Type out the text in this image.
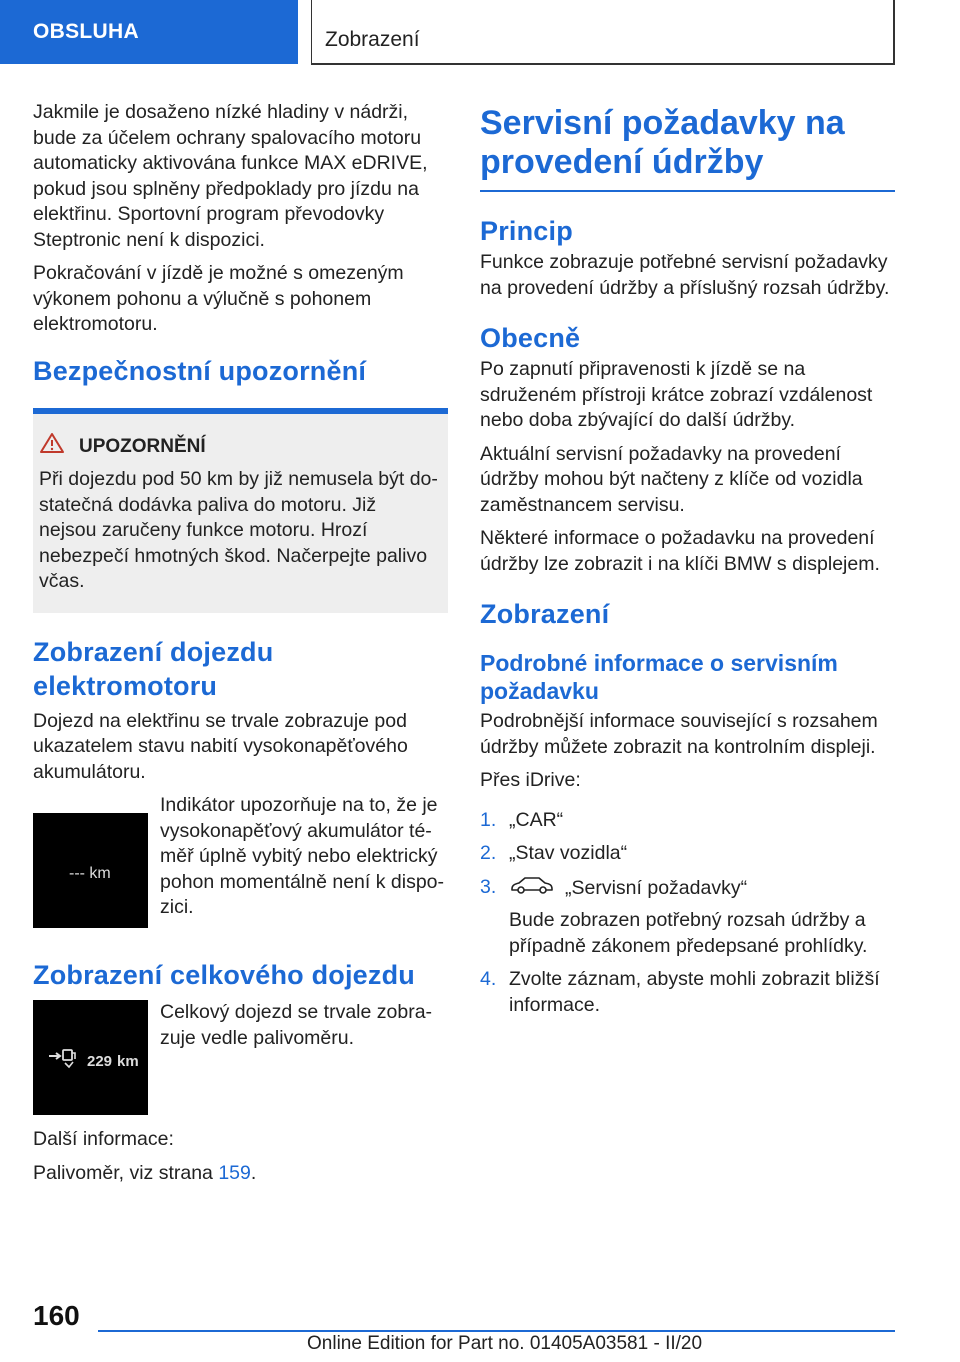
OBSLUHA	Zobrazení

Jakmile je dosaženo nízké hladiny v nádrži, bude za účelem ochrany spalovacího motoru automaticky aktivována funkce MAX eDRIVE, pokud jsou splněny předpoklady pro jízdu na elektřinu. Sportovní program převodovky Steptronic není k dispozici.

Pokračování v jízdě je možné s omezeným výkonem pohonu a výlučně s pohonem elektromotoru.

Bezpečnostní upozornění
UPOZORNĚNÍ

Při dojezdu pod 50 km by již nemusela být dostatečná dodávka paliva do motoru. Již nejsou zaručeny funkce motoru. Hrozí nebezpečí hmotných škod. Načerpejte palivo včas.

Zobrazení dojezdu elektromotoru

Dojezd na elektřinu se trvale zobrazuje pod ukazatelem stavu nabití vysokonapěťového akumulátoru.

--- km
Indikátor upozorňuje na to, že je vysokonapěťový akumulátor téměř úplně vybitý nebo elektrický pohon momentálně není k dispozici.
Zobrazení celkového dojezdu
229 km
Celkový dojezd se trvale zobrazuje vedle palivoměru.

Další informace:

Palivoměr, viz strana 159.

Servisní požadavky na provedení údržby
Princip

Funkce zobrazuje potřebné servisní požadavky na provedení údržby a příslušný rozsah údržby.

Obecně

Po zapnutí připravenosti k jízdě se na sdruženém přístroji krátce zobrazí vzdálenost nebo doba zbývající do další údržby.

Aktuální servisní požadavky na provedení údržby mohou být načteny z klíče od vozidla zaměstnancem servisu.

Některé informace o požadavku na provedení údržby lze zobrazit i na klíči BMW s displejem.

Zobrazení
Podrobné informace o servisním požadavku

Podrobnější informace související s rozsahem údržby můžete zobrazit na kontrolním displeji.

Přes iDrive:

1. „CAR“
2. „Stav vozidla“
3.	„Servisní požadavky“
Bude zobrazen potřebný rozsah údržby a případně zákonem předepsané prohlídky.
4. Zvolte záznam, abyste mohli zobrazit bližší informace.
160
Online Edition for Part no. 01405A03581 - II/20
